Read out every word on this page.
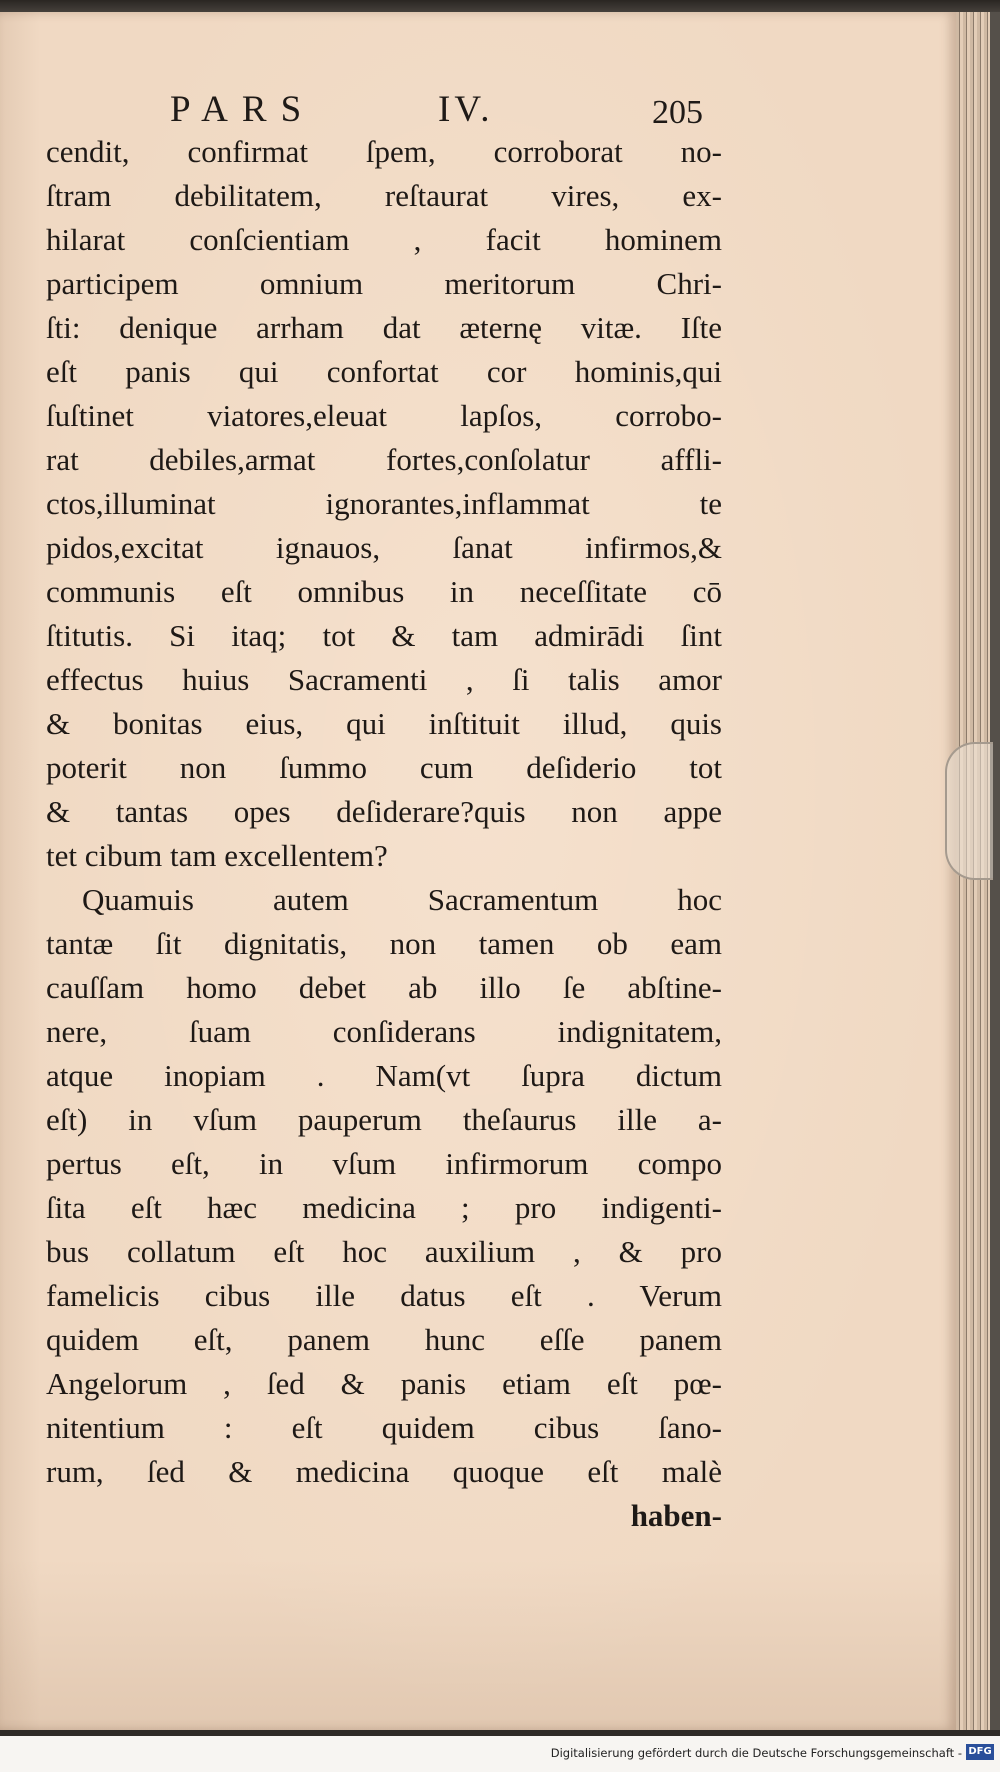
PARS	IV.	205
cendit, confirmat ſpem, corroborat no-
ſtram debilitatem, reſtaurat vires, ex-
hilarat conſcientiam , facit hominem
participem omnium meritorum Chri-
ſti: denique arrham dat æternę vitæ. Iſte
eſt panis qui confortat cor hominis,qui
ſuſtinet viatores,eleuat lapſos, corrobo-
rat debiles,armat fortes,conſolatur affli-
ctos,illuminat ignorantes,inflammat te
pidos,excitat ignauos, ſanat infirmos,&
communis eſt omnibus in neceſſitate cō
ſtitutis. Si itaq; tot & tam admirādi ſint
effectus huius Sacramenti , ſi talis amor
& bonitas eius, qui inſtituit illud, quis
poterit non ſummo cum deſiderio tot
& tantas opes deſiderare?quis non appe
tet cibum tam excellentem?
Quamuis autem Sacramentum hoc
tantæ ſit dignitatis, non tamen ob eam
cauſſam homo debet ab illo ſe abſtine-
nere, ſuam conſiderans indignitatem,
atque inopiam . Nam(vt ſupra dictum
eſt) in vſum pauperum theſaurus ille a-
pertus eſt, in vſum infirmorum compo
ſita eſt hæc medicina ; pro indigenti-
bus collatum eſt hoc auxilium , & pro
famelicis cibus ille datus eſt . Verum
quidem eſt, panem hunc eſſe panem
Angelorum , ſed & panis etiam eſt pœ-
nitentium : eſt quidem cibus ſano-
rum, ſed & medicina quoque eſt malè
haben-
Digitalisierung gefördert durch die Deutsche Forschungsgemeinschaft - DFG
